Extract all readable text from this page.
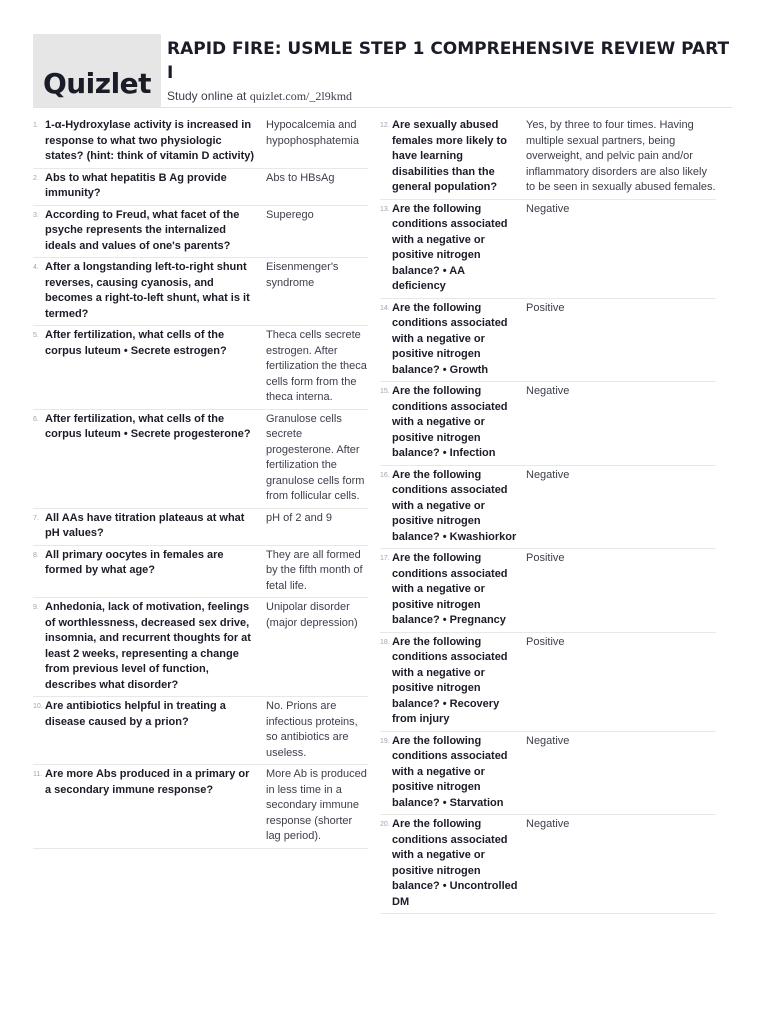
Quizlet
RAPID FIRE: USMLE STEP 1 COMPREHENSIVE REVIEW PART I
Study online at quizlet.com/_2l9kmd
1. 1-α-Hydroxylase activity is increased in response to what two physiologic states? (hint: think of vitamin D activity)
Hypocalcemia and hypophosphatemia
2. Abs to what hepatitis B Ag provide immunity?
Abs to HBsAg
3. According to Freud, what facet of the psyche represents the internalized ideals and values of one's parents?
Superego
4. After a longstanding left-to-right shunt reverses, causing cyanosis, and becomes a right-to-left shunt, what is it termed?
Eisenmenger's syndrome
5. After fertilization, what cells of the corpus luteum • Secrete estrogen?
Theca cells secrete estrogen. After fertilization the theca cells form from the theca interna.
6. After fertilization, what cells of the corpus luteum • Secrete progesterone?
Granulose cells secrete progesterone. After fertilization the granulose cells form from follicular cells.
7. All AAs have titration plateaus at what pH values?
pH of 2 and 9
8. All primary oocytes in females are formed by what age?
They are all formed by the fifth month of fetal life.
9. Anhedonia, lack of motivation, feelings of worthlessness, decreased sex drive, insomnia, and recurrent thoughts for at least 2 weeks, representing a change from previous level of function, describes what disorder?
Unipolar disorder (major depression)
10. Are antibiotics helpful in treating a disease caused by a prion?
No. Prions are infectious proteins, so antibiotics are useless.
11. Are more Abs produced in a primary or a secondary immune response?
More Ab is produced in less time in a secondary immune response (shorter lag period).
12. Are sexually abused females more likely to have learning disabilities than the general population?
Yes, by three to four times. Having multiple sexual partners, being overweight, and pelvic pain and/or inflammatory disorders are also likely to be seen in sexually abused females.
13. Are the following conditions associated with a negative or positive nitrogen balance? • AA deficiency
Negative
14. Are the following conditions associated with a negative or positive nitrogen balance? • Growth
Positive
15. Are the following conditions associated with a negative or positive nitrogen balance? • Infection
Negative
16. Are the following conditions associated with a negative or positive nitrogen balance? • Kwashiorkor
Negative
17. Are the following conditions associated with a negative or positive nitrogen balance? • Pregnancy
Positive
18. Are the following conditions associated with a negative or positive nitrogen balance? • Recovery from injury
Positive
19. Are the following conditions associated with a negative or positive nitrogen balance? • Starvation
Negative
20. Are the following conditions associated with a negative or positive nitrogen balance? • Uncontrolled DM
Negative
